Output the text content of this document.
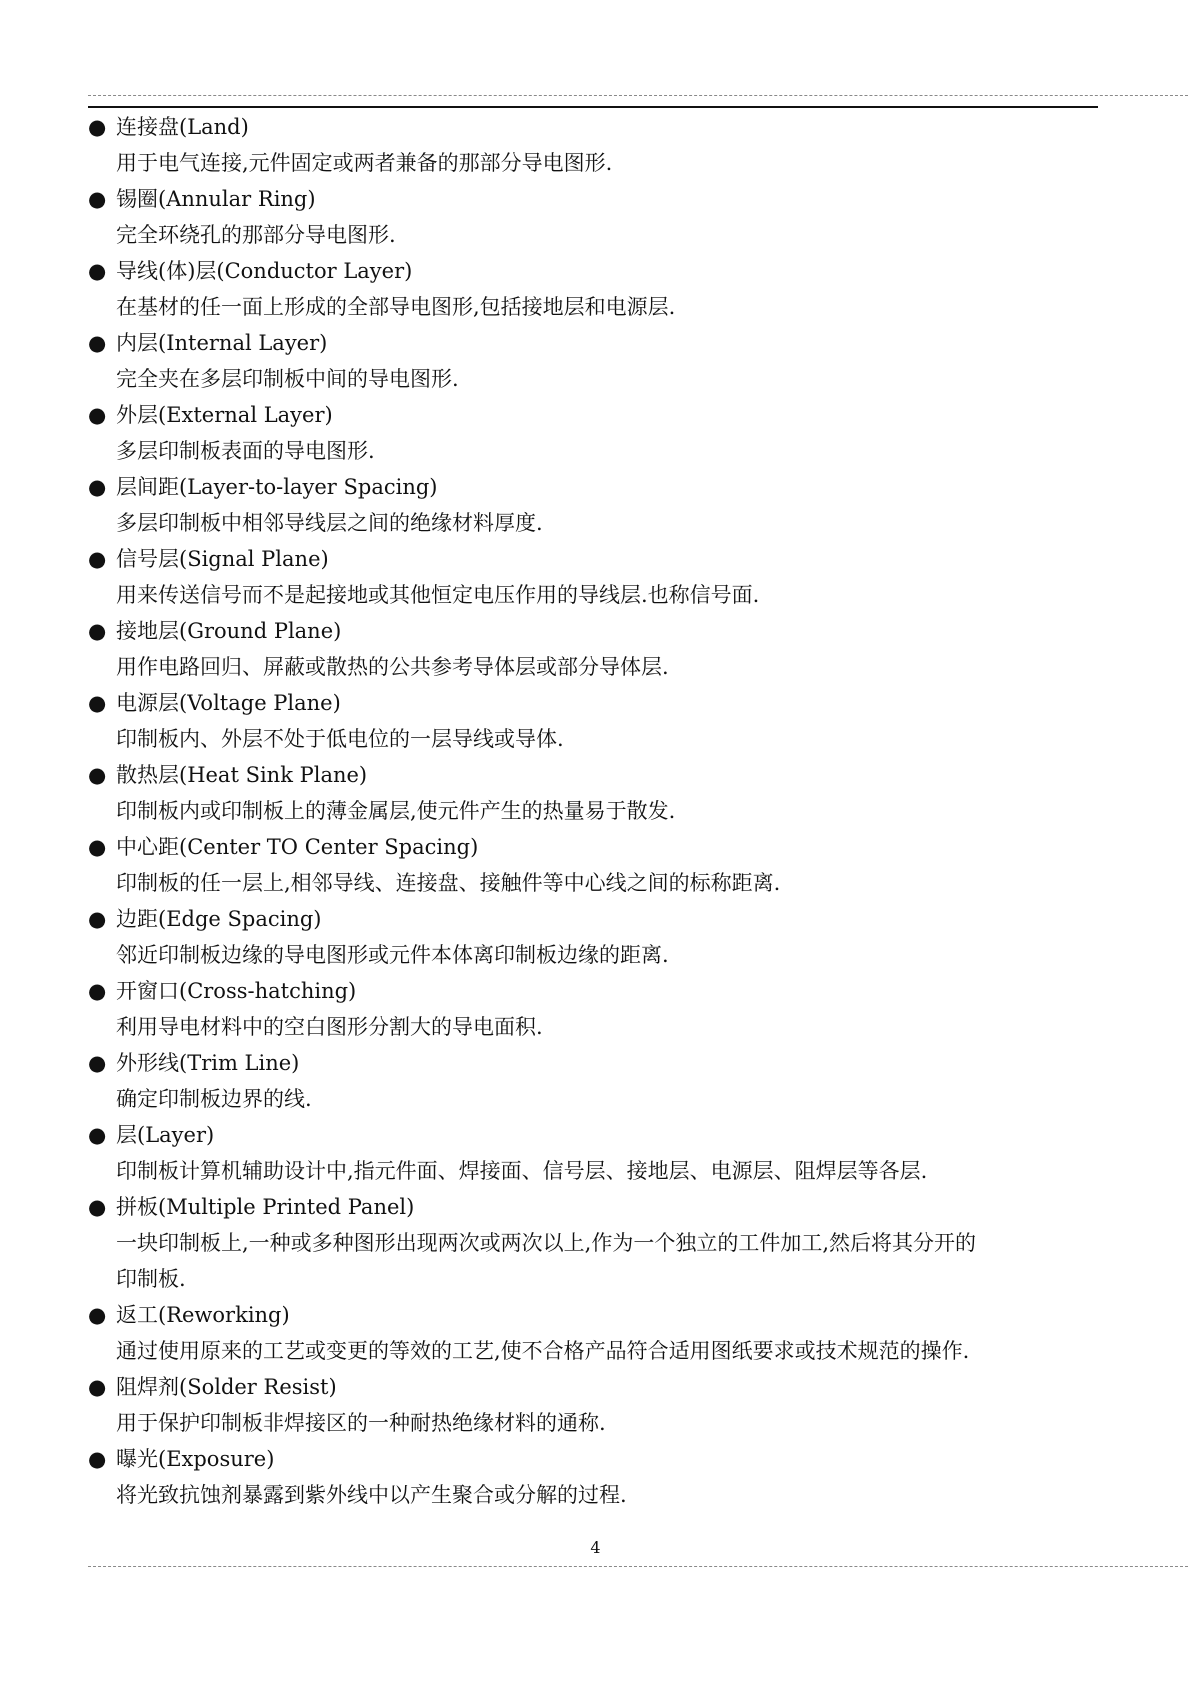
● 连接盘(Land)
用于电气连接,元件固定或两者兼备的那部分导电图形.
● 锡圈(Annular Ring)
完全环绕孔的那部分导电图形.
● 导线(体)层(Conductor Layer)
在基材的任一面上形成的全部导电图形,包括接地层和电源层.
● 内层(Internal Layer)
完全夹在多层印制板中间的导电图形.
● 外层(External Layer)
多层印制板表面的导电图形.
● 层间距(Layer-to-layer Spacing)
多层印制板中相邻导线层之间的绝缘材料厚度.
● 信号层(Signal Plane)
用来传送信号而不是起接地或其他恒定电压作用的导线层.也称信号面.
● 接地层(Ground Plane)
用作电路回归、屏蔽或散热的公共参考导体层或部分导体层.
● 电源层(Voltage Plane)
印制板内、外层不处于低电位的一层导线或导体.
● 散热层(Heat Sink Plane)
印制板内或印制板上的薄金属层,使元件产生的热量易于散发.
● 中心距(Center TO Center Spacing)
印制板的任一层上,相邻导线、连接盘、接触件等中心线之间的标称距离.
● 边距(Edge Spacing)
邻近印制板边缘的导电图形或元件本体离印制板边缘的距离.
● 开窗口(Cross-hatching)
利用导电材料中的空白图形分割大的导电面积.
● 外形线(Trim Line)
确定印制板边界的线.
● 层(Layer)
印制板计算机辅助设计中,指元件面、焊接面、信号层、接地层、电源层、阻焊层等各层.
● 拼板(Multiple Printed Panel)
一块印制板上,一种或多种图形出现两次或两次以上,作为一个独立的工件加工,然后将其分开的
印制板.
● 返工(Reworking)
通过使用原来的工艺或变更的等效的工艺,使不合格产品符合适用图纸要求或技术规范的操作.
● 阻焊剂(Solder Resist)
用于保护印制板非焊接区的一种耐热绝缘材料的通称.
● 曝光(Exposure)
将光致抗蚀剂暴露到紫外线中以产生聚合或分解的过程.
4
